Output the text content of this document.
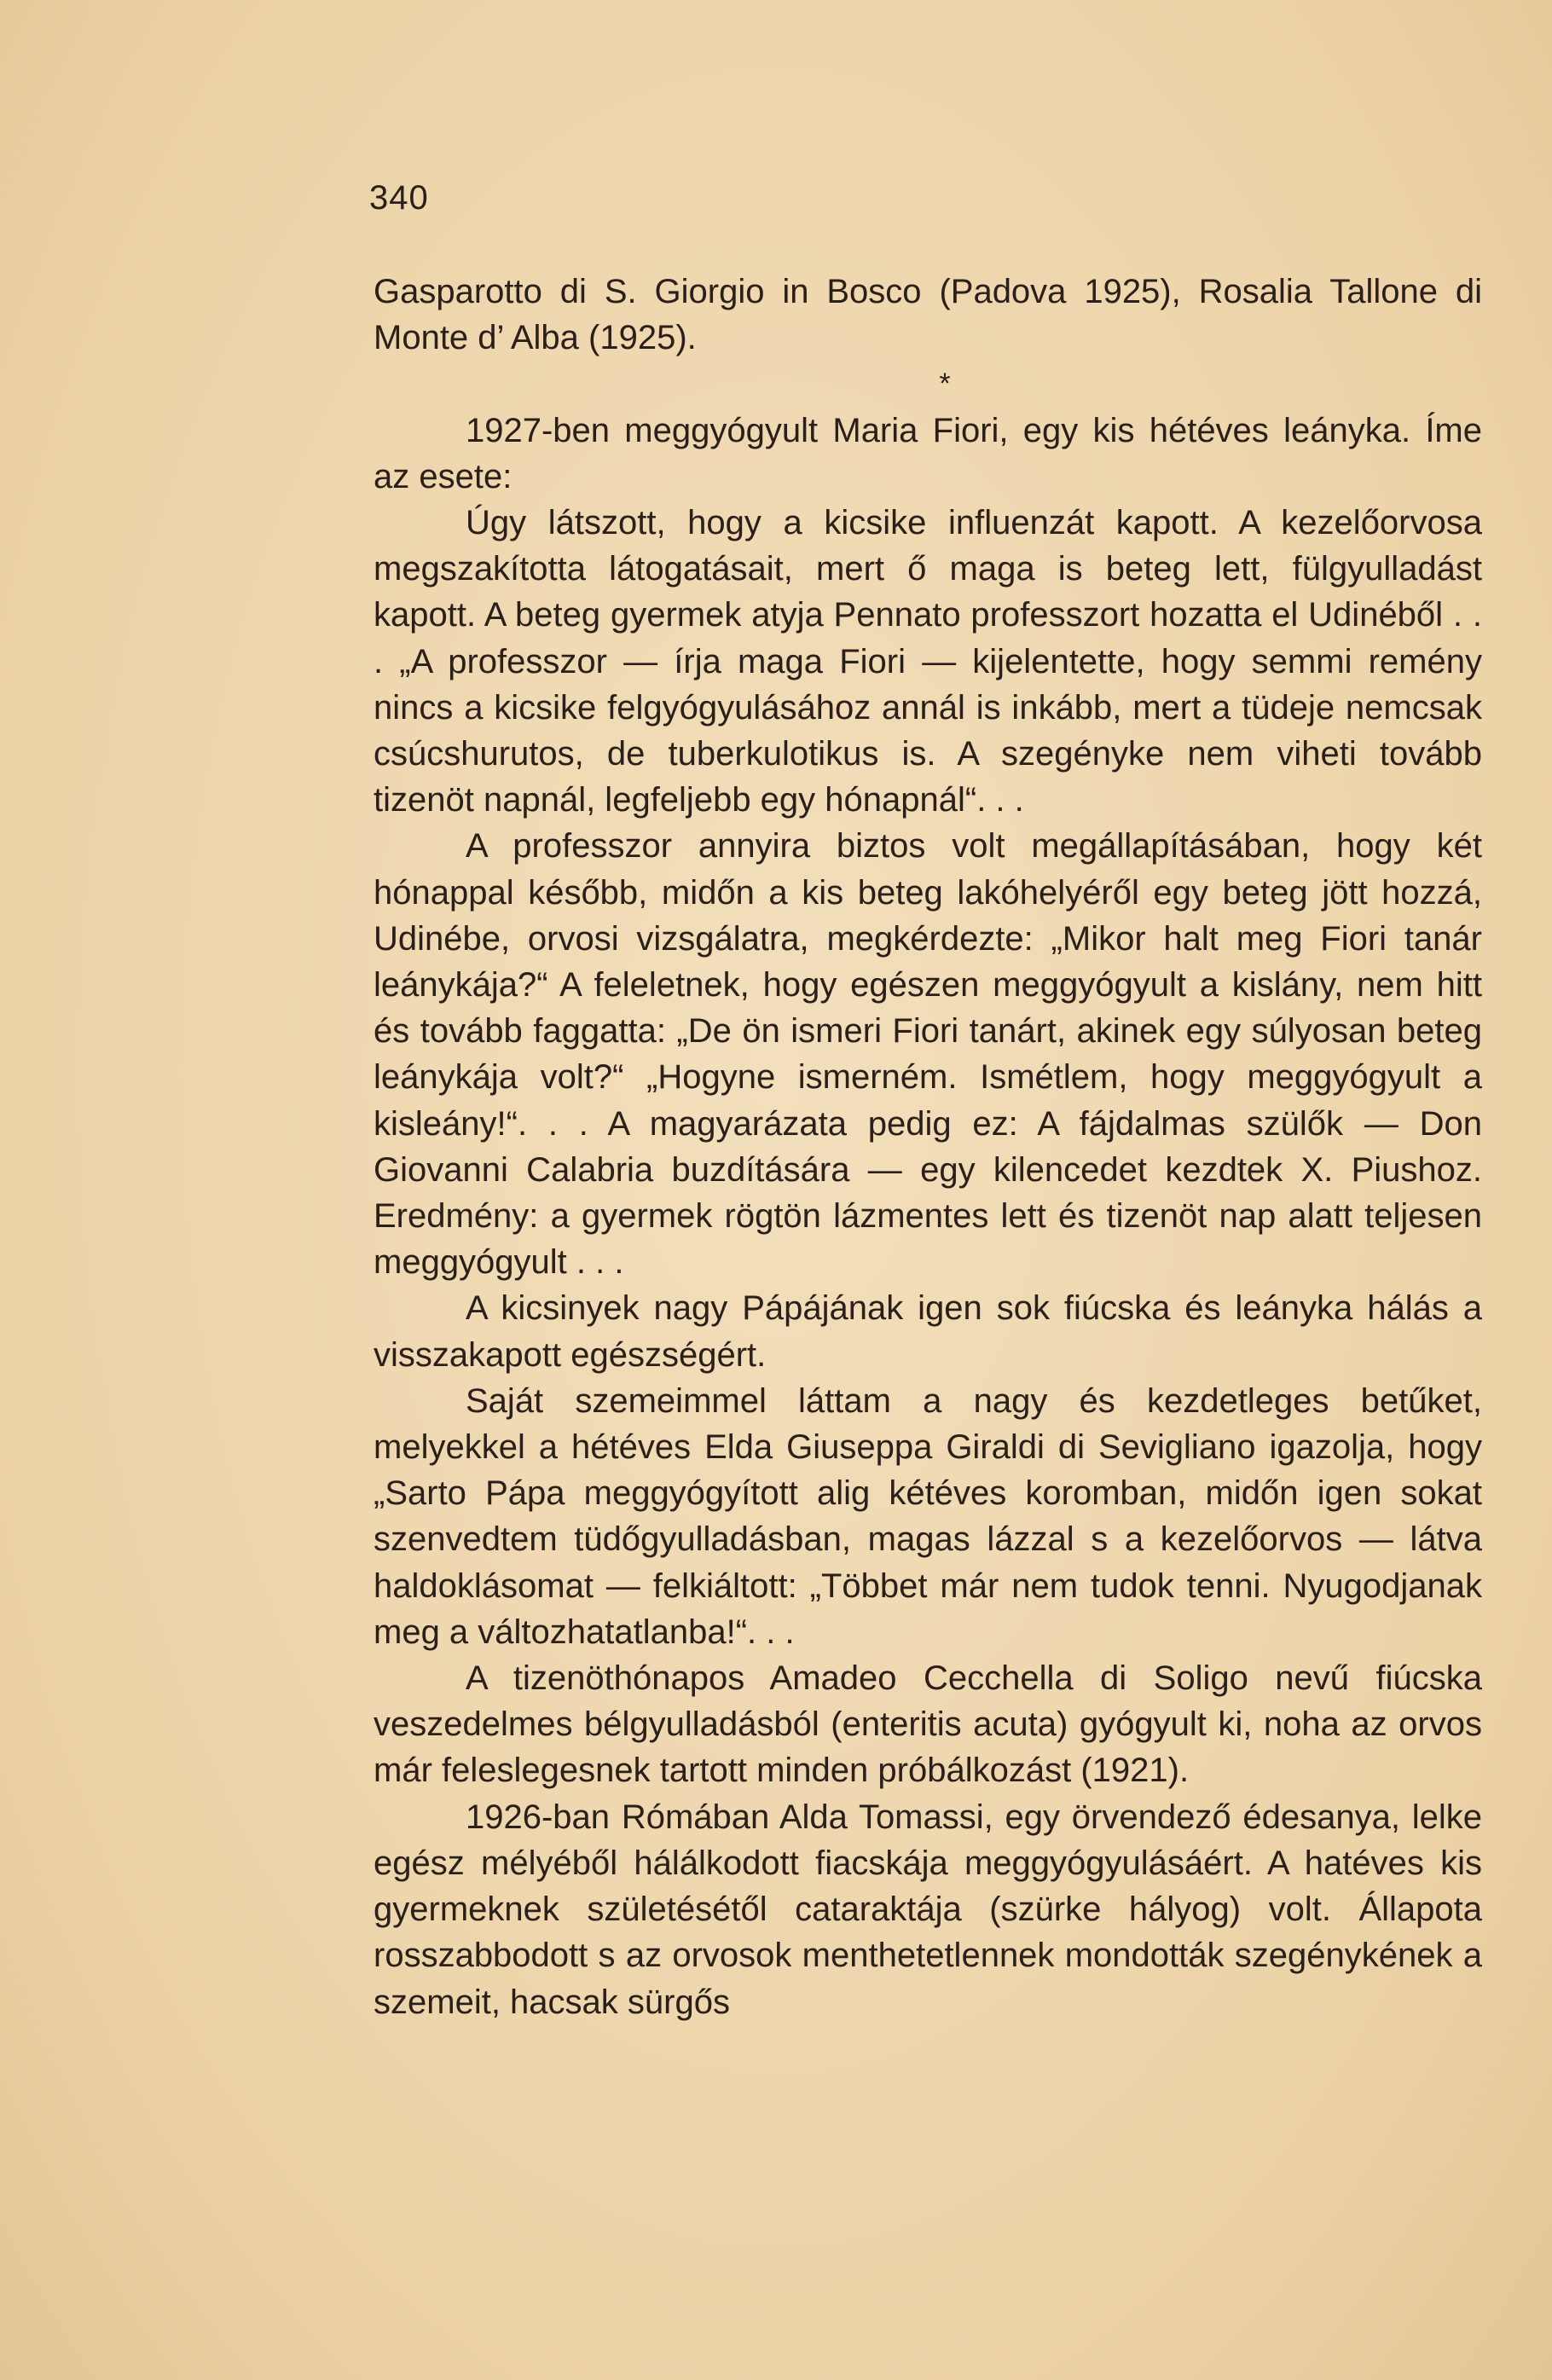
340

Gasparotto di S. Giorgio in Bosco (Padova 1925), Rosalia Tallone di Monte d’ Alba (1925).

*

1927-ben meggyógyult Maria Fiori, egy kis hétéves leányka. Íme az esete:

Úgy látszott, hogy a kicsike influenzát kapott. A kezelőorvosa megszakította látogatásait, mert ő maga is beteg lett, fülgyulladást kapott. A beteg gyermek atyja Pennato professzort hozatta el Udinéből . . . „A professzor — írja maga Fiori — kijelentette, hogy semmi remény nincs a kicsike felgyógyulásához annál is inkább, mert a tüdeje nemcsak csúcshurutos, de tuberkulotikus is. A szegényke nem viheti tovább tizenöt napnál, legfeljebb egy hónapnál“. . .

A professzor annyira biztos volt megállapításában, hogy két hónappal később, midőn a kis beteg lakóhelyéről egy beteg jött hozzá, Udinébe, orvosi vizsgálatra, megkérdezte: „Mikor halt meg Fiori tanár leánykája?“ A feleletnek, hogy egészen meggyógyult a kislány, nem hitt és tovább faggatta: „De ön ismeri Fiori tanárt, akinek egy súlyosan beteg leánykája volt?“ „Hogyne ismerném. Ismétlem, hogy meggyógyult a kisleány!“. . . A magyarázata pedig ez: A fájdalmas szülők — Don Giovanni Calabria buzdítására — egy kilencedet kezdtek X. Piushoz. Eredmény: a gyermek rögtön lázmentes lett és tizenöt nap alatt teljesen meggyógyult . . .

A kicsinyek nagy Pápájának igen sok fiúcska és leányka hálás a visszakapott egészségért.

Saját szemeimmel láttam a nagy és kezdetleges betűket, melyekkel a hétéves Elda Giuseppa Giraldi di Sevigliano igazolja, hogy „Sarto Pápa meggyógyított alig kétéves koromban, midőn igen sokat szenvedtem tüdőgyulladásban, magas lázzal s a kezelőorvos — látva haldoklásomat — felkiáltott: „Többet már nem tudok tenni. Nyugodjanak meg a változhatatlanba!“. . .

A tizenöthónapos Amadeo Cecchella di Soligo nevű fiúcska veszedelmes bélgyulladásból (enteritis acuta) gyógyult ki, noha az orvos már feleslegesnek tartott minden próbálkozást (1921).

1926-ban Rómában Alda Tomassi, egy örvendező édesanya, lelke egész mélyéből hálálkodott fiacskája meggyógyulásáért. A hatéves kis gyermeknek születésétől cataraktája (szürke hályog) volt. Állapota rosszabbodott s az orvosok menthetetlennek mondották szegénykének a szemeit, hacsak sürgős
